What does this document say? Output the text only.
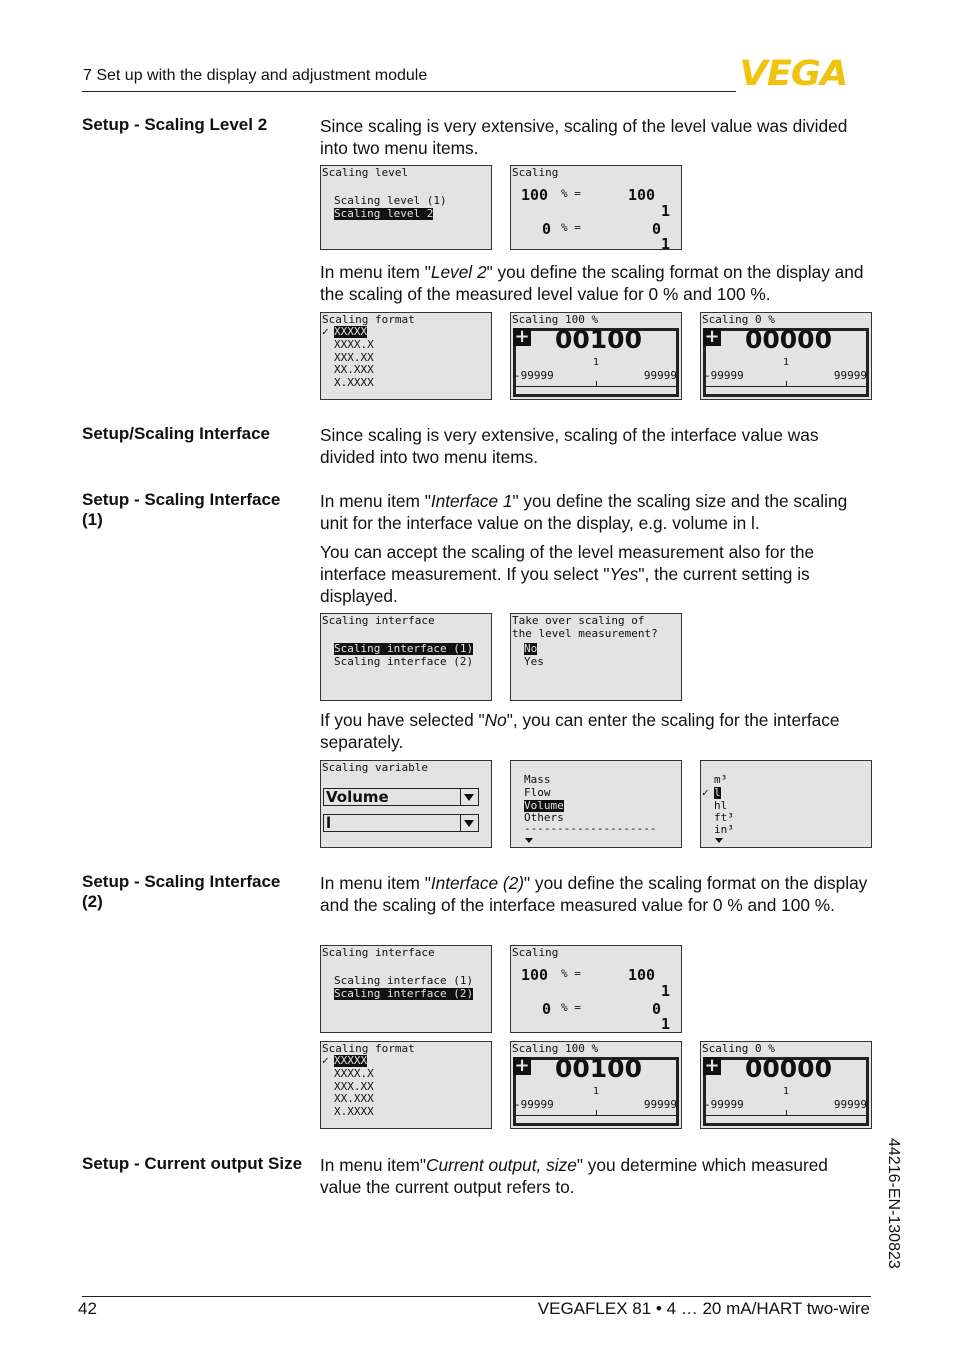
7 Set up with the display and adjustment module	VEGA
Setup - Scaling Level 2	Since scaling is very extensive, scaling of the level value was divided into two menu items.
Scaling level
Scaling level (1)
Scaling level 2
Scaling
100 % =	100
1
0 % =	0
1
In menu item "Level 2" you define the scaling format on the display and the scaling of the measured level value for 0 % and 100 %.
Scaling format
✓ XXXXX
XXXX.X
XXX.XX
XX.XXX
X.XXXX
Scaling 100 %
+ 00100
1
-99999	99999
Scaling 0 %
+ 00000
1
-99999	99999
Setup/Scaling Interface	Since scaling is very extensive, scaling of the interface value was divided into two menu items.
Setup - Scaling Interface (1)
In menu item "Interface 1" you define the scaling size and the scaling unit for the interface value on the display, e.g. volume in l.
You can accept the scaling of the level measurement also for the interface measurement. If you select "Yes", the current setting is displayed.
Scaling interface
Scaling interface (1)
Scaling interface (2)
Take over scaling of
the level measurement?
No
Yes
If you have selected "No", you can enter the scaling for the interface separately.
Scaling variable
Volume
l
Mass
Flow
Volume
Others
--------------------
m³
✓ l
hl
ft³
in³
Setup - Scaling Interface (2)
In menu item "Interface (2)" you define the scaling format on the display and the scaling of the interface measured value for 0 % and 100 %.
Scaling interface
Scaling interface (1)
Scaling interface (2)
Scaling
100 % =	100
1
0 % =	0
1
Scaling format
✓ XXXXX
XXXX.X
XXX.XX
XX.XXX
X.XXXX
Scaling 100 %
+ 00100
1
-99999	99999
Scaling 0 %
+ 00000
1
-99999	99999
Setup - Current output Size In menu item"Current output, size" you determine which measured value the current output refers to.	44216-EN-130823
42	VEGAFLEX 81 • 4 … 20 mA/HART two-wire
